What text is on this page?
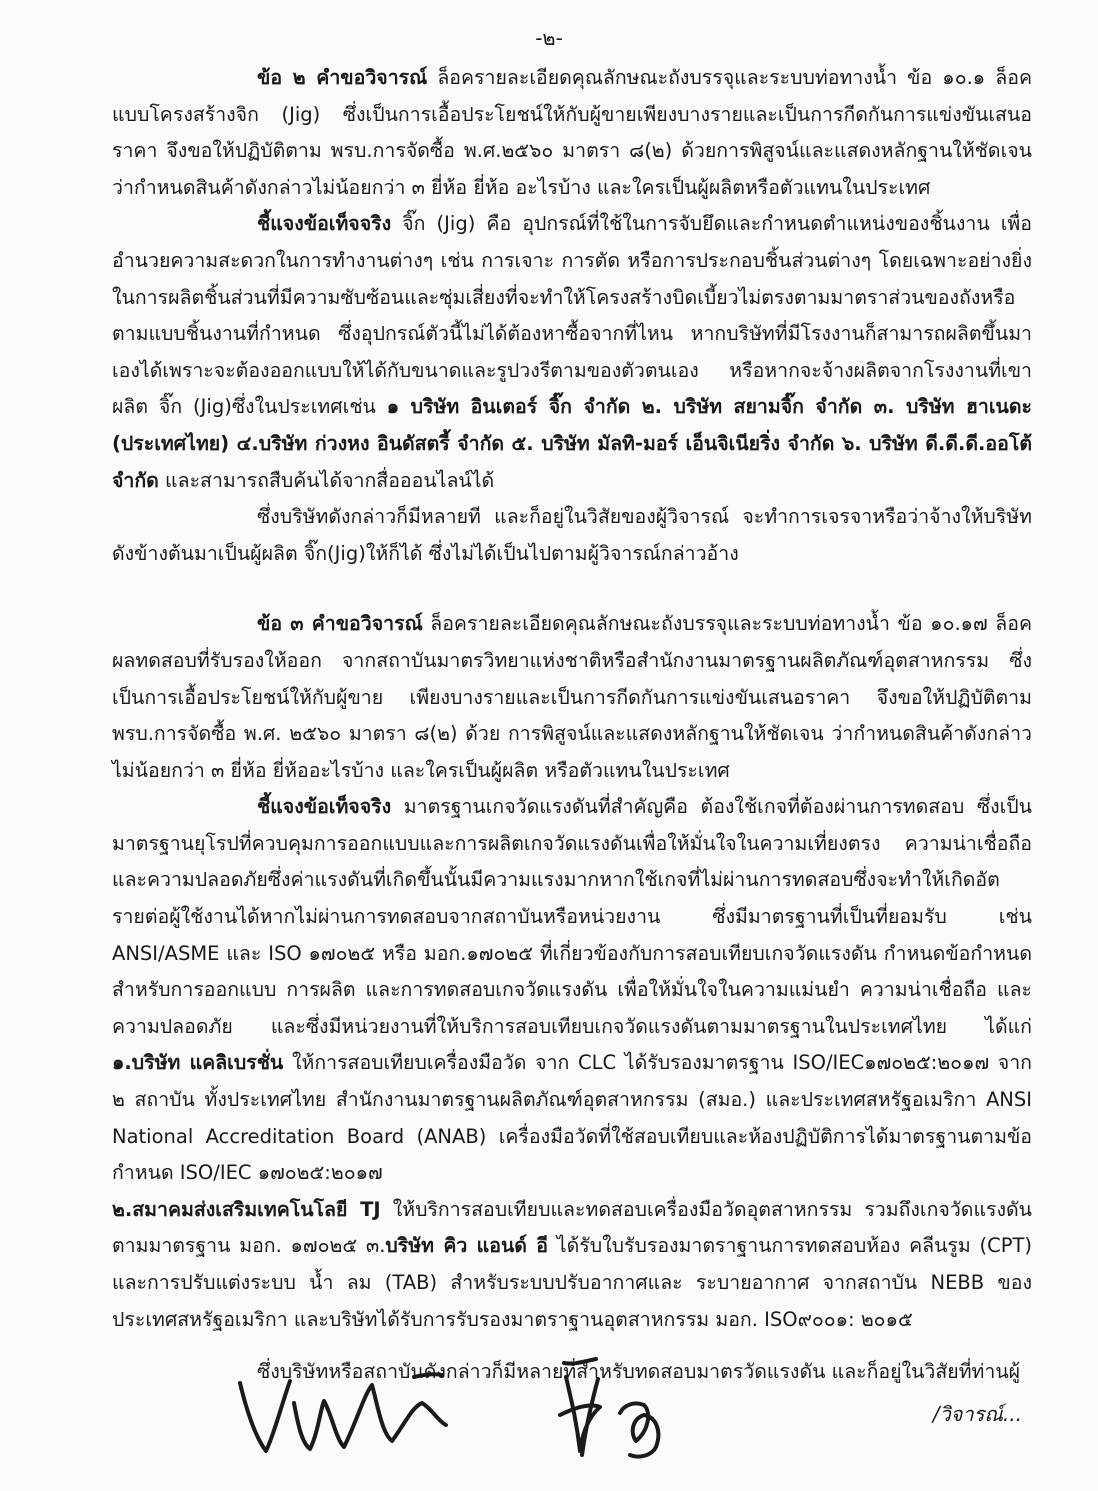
-๒-

ข้อ ๒ คำขอวิจารณ์ ล็อครายละเอียดคุณลักษณะถังบรรจุและระบบท่อทางน้ำ ข้อ ๑๐.๑ ล็อคแบบโครงสร้างจิก (Jig) ซึ่งเป็นการเอื้อประโยชน์ให้กับผู้ขายเพียงบางรายและเป็นการกีดกันการแข่งขันเสนอราคา จึงขอให้ปฏิบัติตาม พรบ.การจัดซื้อ พ.ศ.๒๕๖๐ มาตรา ๘(๒) ด้วยการพิสูจน์และแสดงหลักฐานให้ชัดเจน ว่ากำหนดสินค้าดังกล่าวไม่น้อยกว่า ๓ ยี่ห้อ ยี่ห้อ อะไรบ้าง และใครเป็นผู้ผลิตหรือตัวแทนในประเทศ

ชี้แจงข้อเท็จจริง จิ๊ก (Jig) คือ อุปกรณ์ที่ใช้ในการจับยึดและกำหนดตำแหน่งของชิ้นงาน เพื่ออำนวยความสะดวกในการทำงานต่างๆ เช่น การเจาะ การตัด หรือการประกอบชิ้นส่วนต่างๆ โดยเฉพาะอย่างยิ่งในการผลิตชิ้นส่วนที่มีความซับซ้อนและซุ่มเสี่ยงที่จะทำให้โครงสร้างบิดเบี้ยวไม่ตรงตามมาตราส่วนของถังหรือตามแบบชิ้นงานที่กำหนด ซึ่งอุปกรณ์ตัวนี้ไม่ได้ต้องหาซื้อจากที่ไหน หากบริษัทที่มีโรงงานก็สามารถผลิตขึ้นมาเองได้เพราะจะต้องออกแบบให้ได้กับขนาดและรูปวงรีตามของตัวตนเอง หรือหากจะจ้างผลิตจากโรงงานที่เขาผลิต จิ๊ก (Jig)ซึ่งในประเทศเช่น ๑ บริษัท อินเตอร์ จิ๊ก จำกัด ๒. บริษัท สยามจิ๊ก จำกัด ๓. บริษัท ฮาเนดะ (ประเทศไทย) ๔.บริษัท ก่วงหง อินดัสตรี้ จำกัด ๕. บริษัท มัลทิ-มอร์ เอ็นจิเนียริ่ง จำกัด ๖. บริษัท ดี.ดี.ดี.ออโต้ จำกัด และสามารถสืบค้นได้จากสื่อออนไลน์ได้

ซึ่งบริษัทดังกล่าวก็มีหลายที และก็อยู่ในวิสัยของผู้วิจารณ์ จะทำการเจรจาหรือว่าจ้างให้บริษัทดังข้างต้นมาเป็นผู้ผลิต จิ๊ก(Jig)ให้ก็ได้ ซึ่งไม่ได้เป็นไปตามผู้วิจารณ์กล่าวอ้าง

ข้อ ๓ คำขอวิจารณ์ ล็อครายละเอียดคุณลักษณะถังบรรจุและระบบท่อทางน้ำ ข้อ ๑๐.๑๗ ล็อคผลทดสอบที่รับรองให้ออก จากสถาบันมาตรวิทยาแห่งชาติหรือสำนักงานมาตรฐานผลิตภัณฑ์อุตสาหกรรม ซึ่งเป็นการเอื้อประโยชน์ให้กับผู้ขาย เพียงบางรายและเป็นการกีดกันการแข่งขันเสนอราคา จึงขอให้ปฏิบัติตาม พรบ.การจัดซื้อ พ.ศ. ๒๕๖๐ มาตรา ๘(๒) ด้วย การพิสูจน์และแสดงหลักฐานให้ชัดเจน ว่ากำหนดสินค้าดังกล่าวไม่น้อยกว่า ๓ ยี่ห้อ ยี่ห้ออะไรบ้าง และใครเป็นผู้ผลิต หรือตัวแทนในประเทศ

ชี้แจงข้อเท็จจริง มาตรฐานเกจวัดแรงดันที่สำคัญคือ ต้องใช้เกจที่ต้องผ่านการทดสอบ ซึ่งเป็นมาตรฐานยุโรปที่ควบคุมการออกแบบและการผลิตเกจวัดแรงดันเพื่อให้มั่นใจในความเที่ยงตรง ความน่าเชื่อถือและความปลอดภัยซึ่งค่าแรงดันที่เกิดขึ้นนั้นมีความแรงมากหากใช้เกจที่ไม่ผ่านการทดสอบซึ่งจะทำให้เกิดอัตรายต่อผู้ใช้งานได้หากไม่ผ่านการทดสอบจากสถาบันหรือหน่วยงาน ซึ่งมีมาตรฐานที่เป็นที่ยอมรับ เช่น ANSI/ASME และ ISO ๑๗๐๒๕ หรือ มอก.๑๗๐๒๕ ที่เกี่ยวข้องกับการสอบเทียบเกจวัดแรงดัน กำหนดข้อกำหนดสำหรับการออกแบบ การผลิต และการทดสอบเกจวัดแรงดัน เพื่อให้มั่นใจในความแม่นยำ ความน่าเชื่อถือ และความปลอดภัย และซึ่งมีหน่วยงานที่ให้บริการสอบเทียบเกจวัดแรงดันตามมาตรฐานในประเทศไทย ได้แก่ ๑.บริษัท แคลิเบรชั่น ให้การสอบเทียบเครื่องมือวัด จาก CLC ได้รับรองมาตรฐาน ISO/IEC๑๗๐๒๕:๒๐๑๗ จาก ๒ สถาบัน ทั้งประเทศไทย สำนักงานมาตรฐานผลิตภัณฑ์อุตสาหกรรม (สมอ.) และประเทศสหรัฐอเมริกา ANSI National Accreditation Board (ANAB) เครื่องมือวัดที่ใช้สอบเทียบและห้องปฏิบัติการได้มาตรฐานตามข้อกำหนด ISO/IEC ๑๗๐๒๕:๒๐๑๗

๒.สมาคมส่งเสริมเทคโนโลยี TJ ให้บริการสอบเทียบและทดสอบเครื่องมือวัดอุตสาหกรรม รวมถึงเกจวัดแรงดัน ตามมาตรฐาน มอก. ๑๗๐๒๕ ๓.บริษัท คิว แอนด์ อี ได้รับใบรับรองมาตราฐานการทดสอบห้อง คลีนรูม (CPT) และการปรับแต่งระบบ น้ำ ลม (TAB) สำหรับระบบปรับอากาศและ ระบายอากาศ จากสถาบัน NEBB ของประเทศสหรัฐอเมริกา และบริษัทได้รับการรับรองมาตราฐานอุตสาหกรรม มอก. ISO๙๐๐๑: ๒๐๑๕

ซึ่งบริษัทหรือสถาบันดังกล่าวก็มีหลายที่สำหรับทดสอบมาตรวัดแรงดัน และก็อยู่ในวิสัยที่ท่านผู้

/วิจารณ์...
